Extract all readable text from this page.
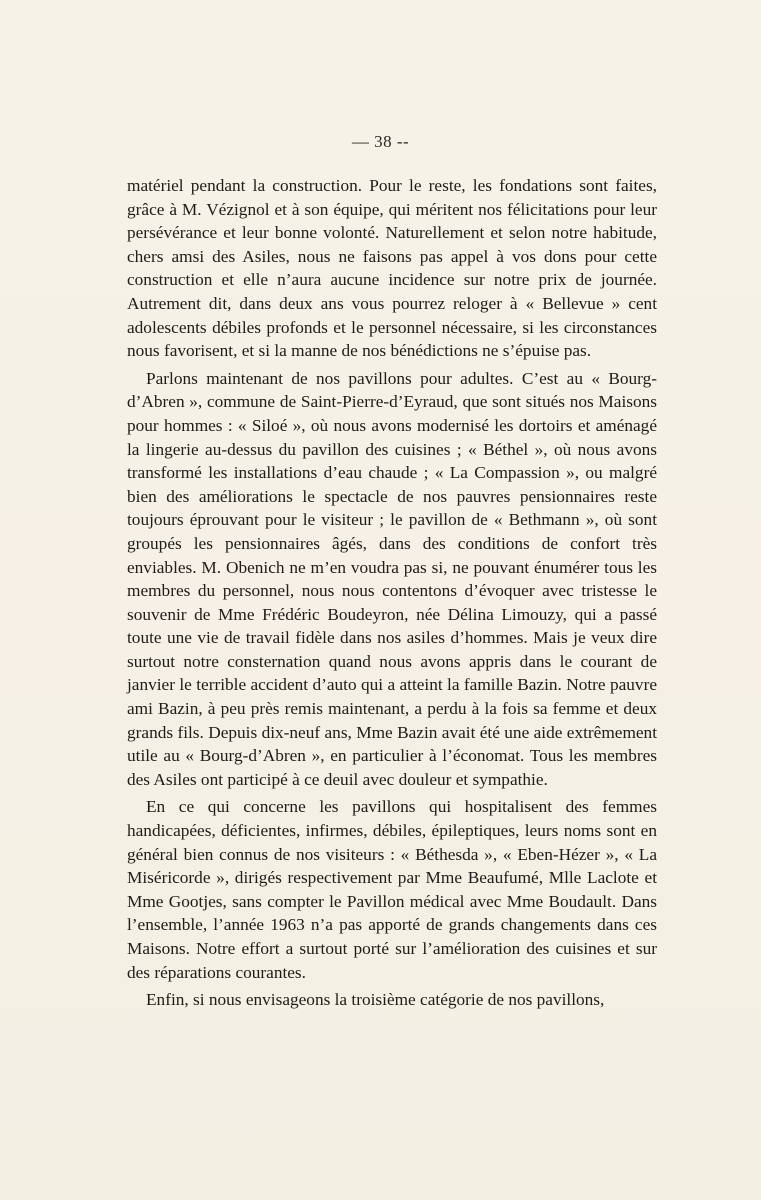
— 38 --

matériel pendant la construction. Pour le reste, les fondations sont faites, grâce à M. Vézignol et à son équipe, qui méritent nos félicitations pour leur persévérance et leur bonne volonté. Naturellement et selon notre habitude, chers amsi des Asiles, nous ne faisons pas appel à vos dons pour cette construction et elle n’aura aucune incidence sur notre prix de journée. Autrement dit, dans deux ans vous pourrez reloger à « Bellevue » cent adolescents débiles profonds et le personnel nécessaire, si les circonstances nous favorisent, et si la manne de nos bénédictions ne s’épuise pas.

Parlons maintenant de nos pavillons pour adultes. C’est au « Bourg-d’Abren », commune de Saint-Pierre-d’Eyraud, que sont situés nos Maisons pour hommes : « Siloé », où nous avons modernisé les dortoirs et aménagé la lingerie au-dessus du pavillon des cuisines ; « Béthel », où nous avons transformé les installations d’eau chaude ; « La Compassion », ou malgré bien des améliorations le spectacle de nos pauvres pensionnaires reste toujours éprouvant pour le visiteur ; le pavillon de « Bethmann », où sont groupés les pensionnaires âgés, dans des conditions de confort très enviables. M. Obenich ne m’en voudra pas si, ne pouvant énumérer tous les membres du personnel, nous nous contentons d’évoquer avec tristesse le souvenir de Mme Frédéric Boudeyron, née Délina Limouzy, qui a passé toute une vie de travail fidèle dans nos asiles d’hommes. Mais je veux dire surtout notre consternation quand nous avons appris dans le courant de janvier le terrible accident d’auto qui a atteint la famille Bazin. Notre pauvre ami Bazin, à peu près remis maintenant, a perdu à la fois sa femme et deux grands fils. Depuis dix-neuf ans, Mme Bazin avait été une aide extrêmement utile au « Bourg-d’Abren », en particulier à l’économat. Tous les membres des Asiles ont participé à ce deuil avec douleur et sympathie.

En ce qui concerne les pavillons qui hospitalisent des femmes handicapées, déficientes, infirmes, débiles, épileptiques, leurs noms sont en général bien connus de nos visiteurs : « Béthesda », « Eben-Hézer », « La Miséricorde », dirigés respectivement par Mme Beaufumé, Mlle Laclote et Mme Gootjes, sans compter le Pavillon médical avec Mme Boudault. Dans l’ensemble, l’année 1963 n’a pas apporté de grands changements dans ces Maisons. Notre effort a surtout porté sur l’amélioration des cuisines et sur des réparations courantes.

Enfin, si nous envisageons la troisième catégorie de nos pavillons,
